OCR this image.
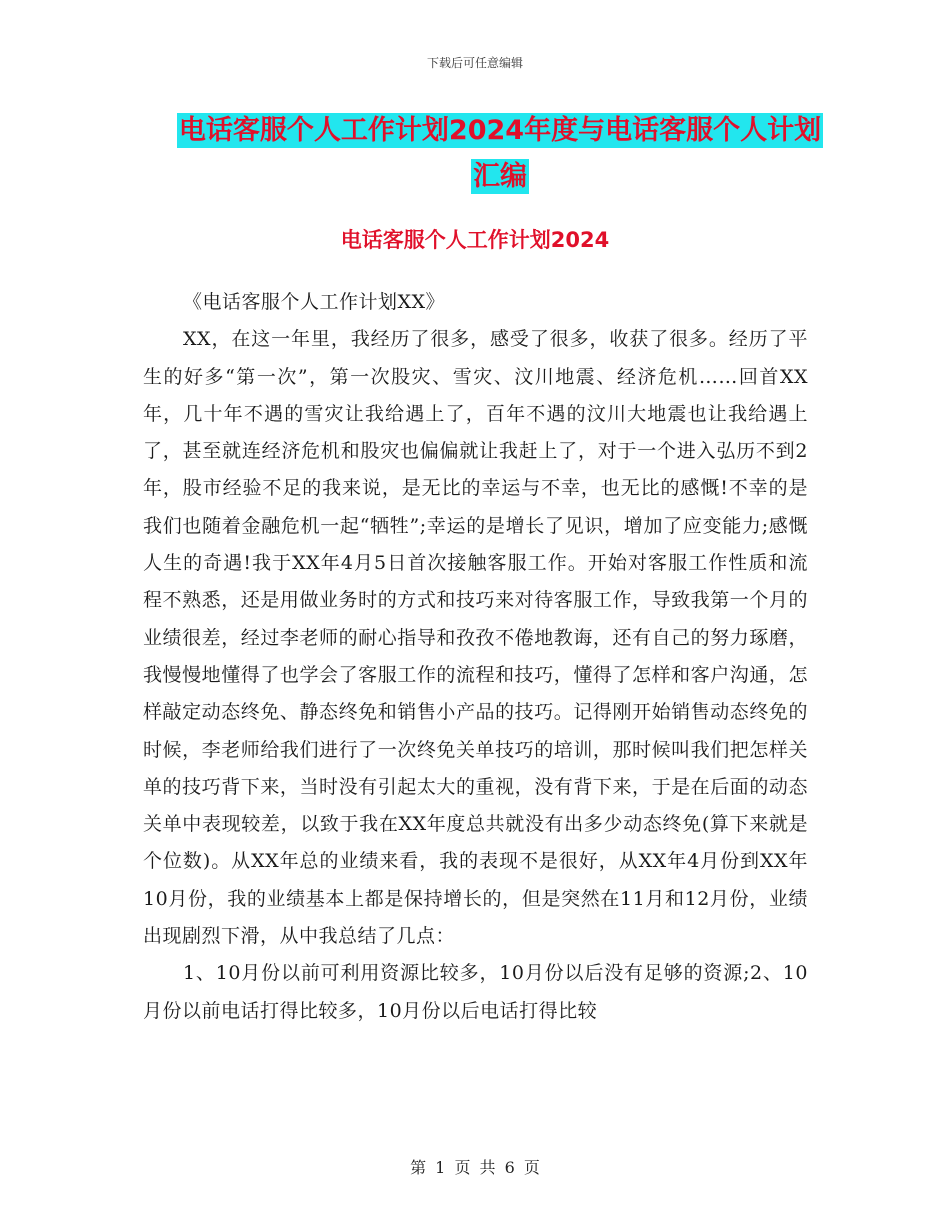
下载后可任意编辑
电话客服个人工作计划2024年度与电话客服个人计划汇编
电话客服个人工作计划2024

《电话客服个人工作计划XX》

XX，在这一年里，我经历了很多，感受了很多，收获了很多。经历了平生的好多“第一次”，第一次股灾、雪灾、汶川地震、经济危机……回首XX年，几十年不遇的雪灾让我给遇上了，百年不遇的汶川大地震也让我给遇上了，甚至就连经济危机和股灾也偏偏就让我赶上了，对于一个进入弘历不到2年，股市经验不足的我来说，是无比的幸运与不幸，也无比的感慨!不幸的是我们也随着金融危机一起“牺牲”;幸运的是增长了见识，增加了应变能力;感慨人生的奇遇!我于XX年4月5日首次接触客服工作。开始对客服工作性质和流程不熟悉，还是用做业务时的方式和技巧来对待客服工作，导致我第一个月的业绩很差，经过李老师的耐心指导和孜孜不倦地教诲，还有自己的努力琢磨，我慢慢地懂得了也学会了客服工作的流程和技巧，懂得了怎样和客户沟通，怎样敲定动态终免、静态终免和销售小产品的技巧。记得刚开始销售动态终免的时候，李老师给我们进行了一次终免关单技巧的培训，那时候叫我们把怎样关单的技巧背下来，当时没有引起太大的重视，没有背下来，于是在后面的动态关单中表现较差，以致于我在XX年度总共就没有出多少动态终免(算下来就是个位数)。从XX年总的业绩来看，我的表现不是很好，从XX年4月份到XX年10月份，我的业绩基本上都是保持增长的，但是突然在11月和12月份，业绩出现剧烈下滑，从中我总结了几点：

1、10月份以前可利用资源比较多，10月份以后没有足够的资源;2、10月份以前电话打得比较多，10月份以后电话打得比较

第 1 页 共 6 页
